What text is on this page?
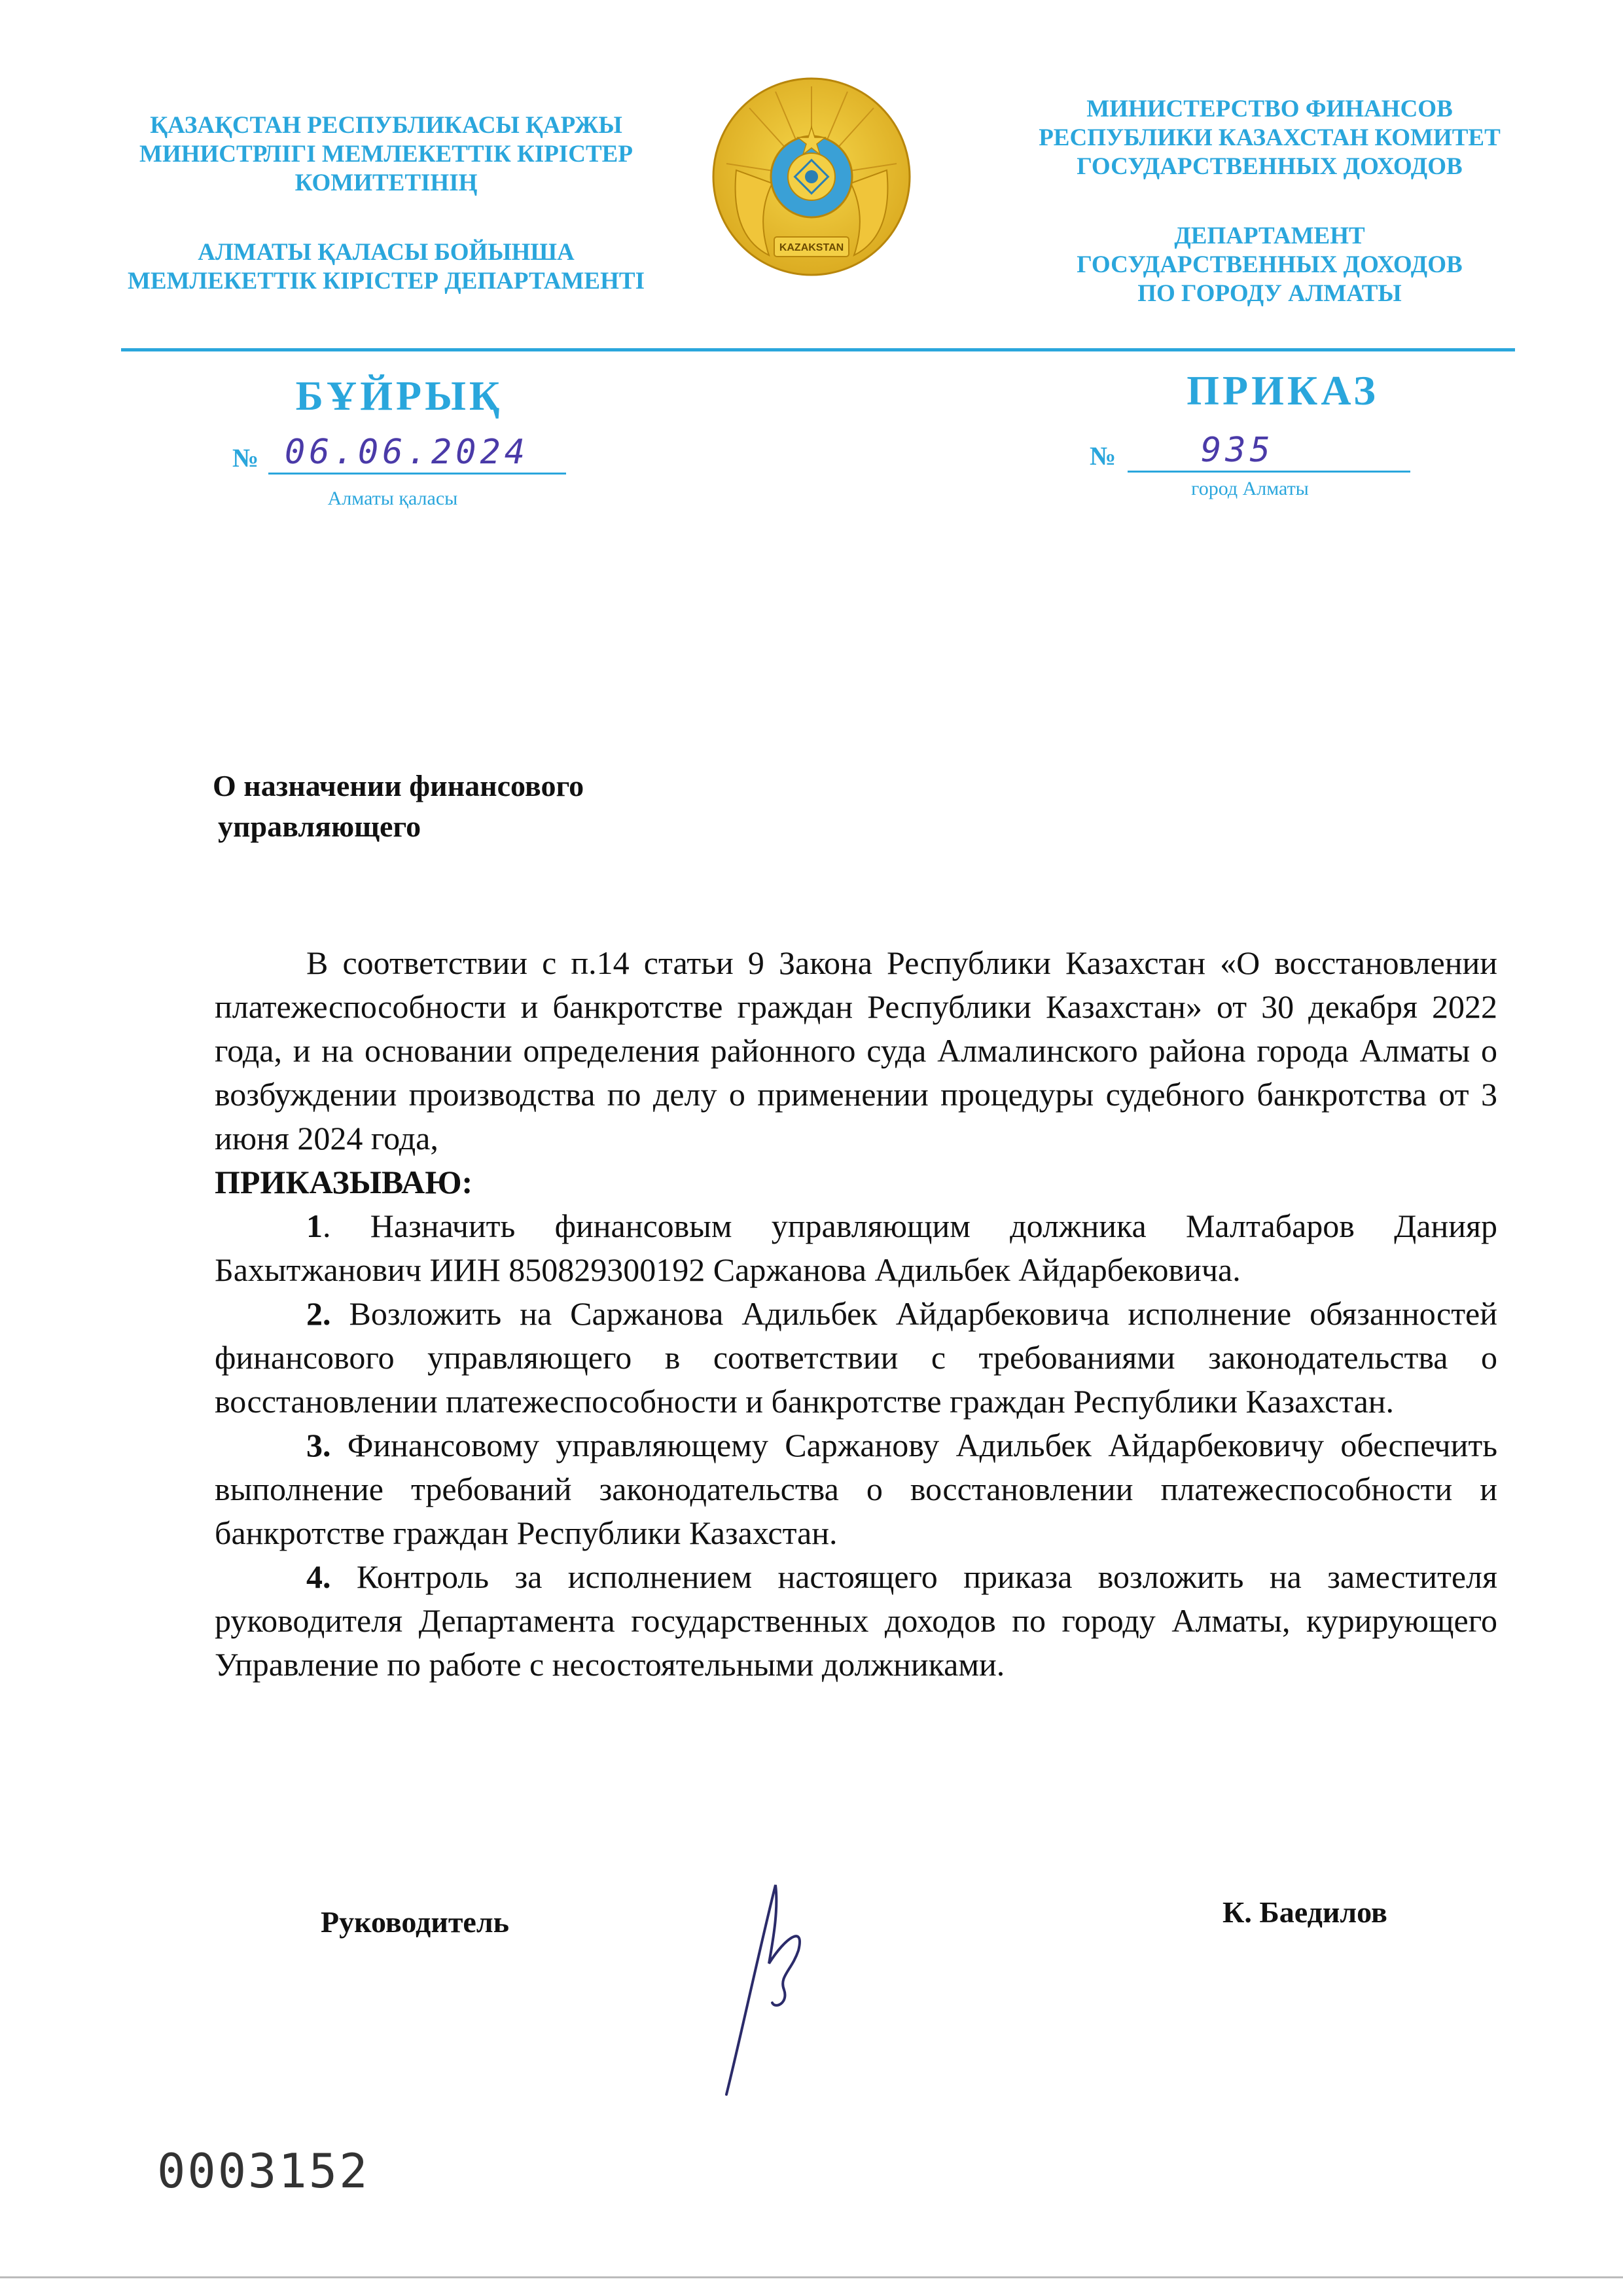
ҚАЗАҚСТАН РЕСПУБЛИКАСЫ ҚАРЖЫ
МИНИСТРЛІГІ МЕМЛЕКЕТТІК КІРІСТЕР
КОМИТЕТІНІҢ
АЛМАТЫ ҚАЛАСЫ БОЙЫНША
МЕМЛЕКЕТТІК КІРІСТЕР ДЕПАРТАМЕНТІ
KAZAKSTAN
МИНИСТЕРСТВО ФИНАНСОВ
РЕСПУБЛИКИ КАЗАХСТАН КОМИТЕТ
ГОСУДАРСТВЕННЫХ ДОХОДОВ
ДЕПАРТАМЕНТ
ГОСУДАРСТВЕННЫХ ДОХОДОВ
ПО ГОРОДУ АЛМАТЫ
БҰЙРЫҚ	ПРИКАЗ
№ 06.06.2024	№ 935
Алматы қаласы	город Алматы
О назначении финансового
управляющего

В соответствии с п.14 статьи 9 Закона Республики Казахстан «О восстановлении платежеспособности и банкротстве граждан Республики Казахстан» от 30 декабря 2022 года, и на основании определения районного суда Алмалинского района города Алматы о возбуждении производства по делу о применении процедуры судебного банкротства от 3 июня 2024 года,

ПРИКАЗЫВАЮ:

1. Назначить финансовым управляющим должника Малтабаров Данияр Бахытжанович ИИН 850829300192 Саржанова Адильбек Айдарбековича.

2. Возложить на Саржанова Адильбек Айдарбековича исполнение обязанностей финансового управляющего в соответствии с требованиями законодательства о восстановлении платежеспособности и банкротстве граждан Республики Казахстан.

3. Финансовому управляющему Саржанову Адильбек Айдарбековичу обеспечить выполнение требований законодательства о восстановлении платежеспособности и банкротстве граждан Республики Казахстан.

4. Контроль за исполнением настоящего приказа возложить на заместителя руководителя Департамента государственных доходов по городу Алматы, курирующего Управление по работе с несостоятельными должниками.

Руководитель	К. Баедилов
0003152
